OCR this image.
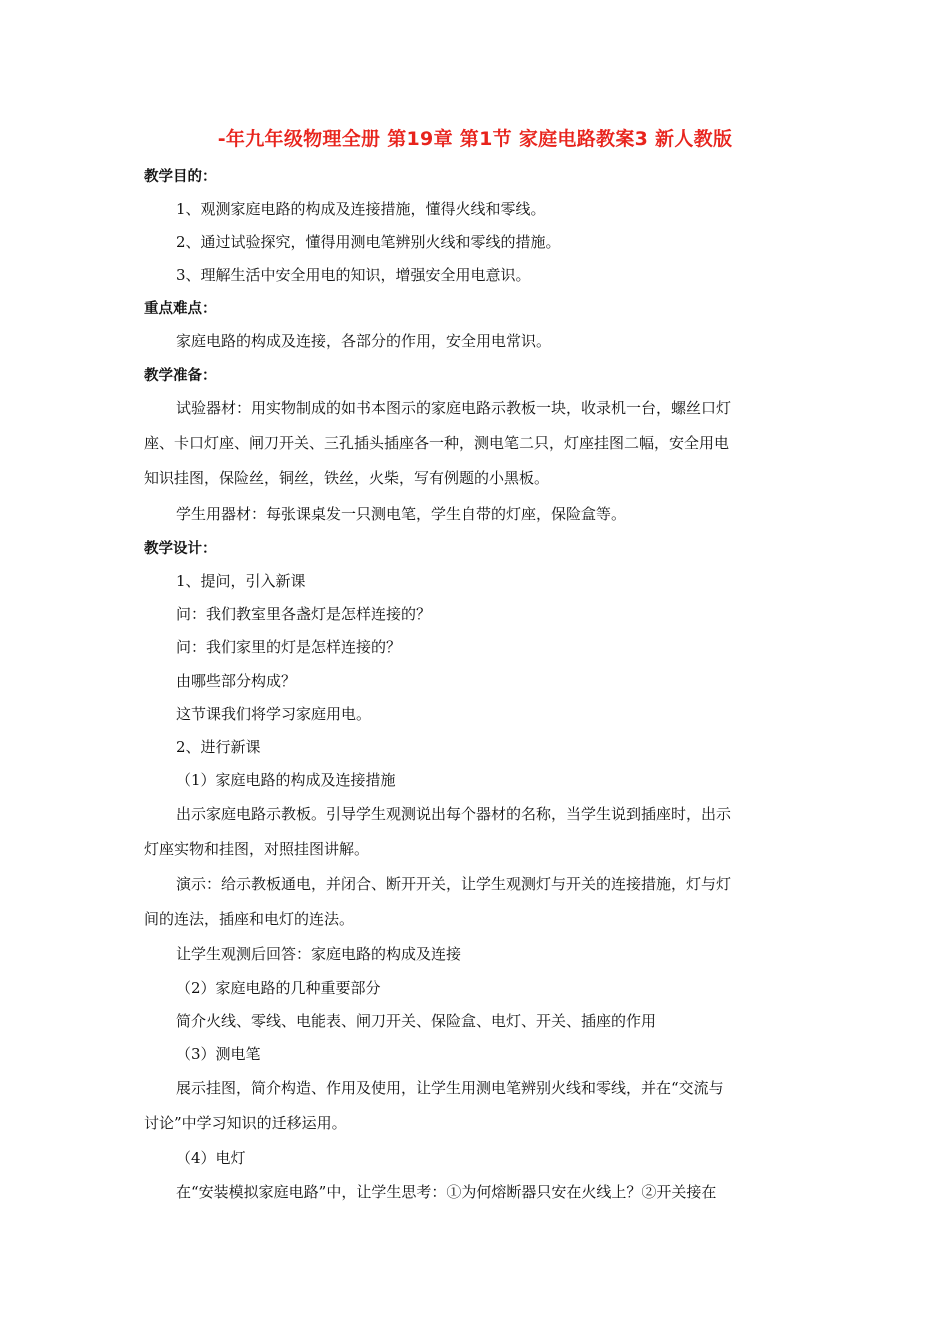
-年九年级物理全册 第19章 第1节 家庭电路教案3 新人教版
教学目的：
1、观测家庭电路的构成及连接措施，懂得火线和零线。
2、通过试验探究，懂得用测电笔辨别火线和零线的措施。
3、理解生活中安全用电的知识，增强安全用电意识。
重点难点：
家庭电路的构成及连接，各部分的作用，安全用电常识。
教学准备：
试验器材：用实物制成的如书本图示的家庭电路示教板一块，收录机一台，螺丝口灯
座、卡口灯座、闸刀开关、三孔插头插座各一种，测电笔二只，灯座挂图二幅，安全用电
知识挂图，保险丝，铜丝，铁丝，火柴，写有例题的小黑板。
学生用器材：每张课桌发一只测电笔，学生自带的灯座，保险盒等。
教学设计：
1、提问，引入新课
问：我们教室里各盏灯是怎样连接的？
问：我们家里的灯是怎样连接的？
由哪些部分构成？
这节课我们将学习家庭用电。
2、进行新课
（1）家庭电路的构成及连接措施
出示家庭电路示教板。引导学生观测说出每个器材的名称，当学生说到插座时，出示
灯座实物和挂图，对照挂图讲解。
演示：给示教板通电，并闭合、断开开关，让学生观测灯与开关的连接措施，灯与灯
间的连法，插座和电灯的连法。
让学生观测后回答：家庭电路的构成及连接
（2）家庭电路的几种重要部分
简介火线、零线、电能表、闸刀开关、保险盒、电灯、开关、插座的作用
（3）测电笔
展示挂图，简介构造、作用及使用，让学生用测电笔辨别火线和零线，并在“交流与
讨论”中学习知识的迁移运用。
（4）电灯
在“安装模拟家庭电路”中，让学生思考：①为何熔断器只安在火线上？②开关接在
